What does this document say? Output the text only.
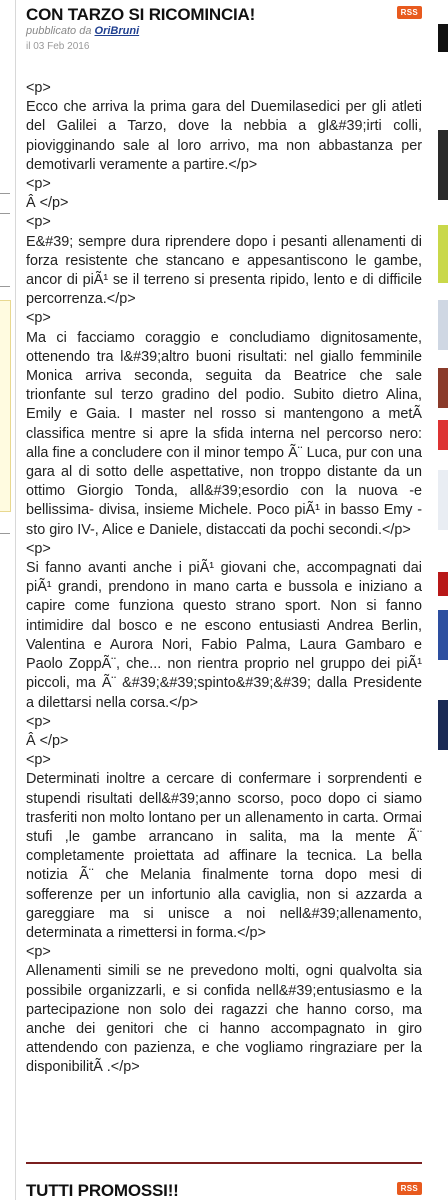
CON TARZO SI RICOMINCIA!	RSS
pubblicato da OriBruni
il 03 Feb 2016

<p>

Ecco che arriva la prima gara del Duemilasedici per gli atleti del Galilei a Tarzo, dove la nebbia a gl&#39;irti colli, piovigginando sale al loro arrivo, ma non abbastanza per demotivarli veramente a partire.</p>

<p>

Â </p>

<p>

E&#39; sempre dura riprendere dopo i pesanti allenamenti di forza resistente che stancano e appesantiscono le gambe, ancor di piÃ¹ se il terreno si presenta ripido, lento e di difficile percorrenza.</p>

<p>

Ma ci facciamo coraggio e concludiamo dignitosamente, ottenendo tra l&#39;altro buoni risultati: nel giallo femminile Monica arriva seconda, seguita da Beatrice che sale trionfante sul terzo gradino del podio. Subito dietro Alina, Emily e Gaia. I master nel rosso si mantengono a metÃ classifica mentre si apre la sfida interna nel percorso nero: alla fine a concludere con il minor tempo Ã¨ Luca, pur con una gara al di sotto delle aspettative, non troppo distante da un ottimo Giorgio Tonda, all&#39;esordio con la nuova -e bellissima- divisa, insieme Michele. Poco piÃ¹ in basso Emy -sto giro IV-, Alice e Daniele, distaccati da pochi secondi.</p>

<p>

Si fanno avanti anche i piÃ¹ giovani che, accompagnati dai piÃ¹ grandi, prendono in mano carta e bussola e iniziano a capire come funziona questo strano sport. Non si fanno intimidire dal bosco e ne escono entusiasti Andrea Berlin, Valentina e Aurora Nori, Fabio Palma, Laura Gambaro e Paolo ZoppÃ¨, che... non rientra proprio nel gruppo dei piÃ¹ piccoli, ma Ã¨ &#39;&#39;spinto&#39;&#39; dalla Presidente a dilettarsi nella corsa.</p>

<p>

Â </p>

<p>

Determinati inoltre a cercare di confermare i sorprendenti e stupendi risultati dell&#39;anno scorso, poco dopo ci siamo trasferiti non molto lontano per un allenamento in carta. Ormai stufi ,le gambe arrancano in salita, ma la mente Ã¨ completamente proiettata ad affinare la tecnica. La bella notizia Ã¨ che Melania finalmente torna dopo mesi di sofferenze per un infortunio alla caviglia, non si azzarda a gareggiare ma si unisce a noi nell&#39;allenamento, determinata a rimettersi in forma.</p>

<p>

Allenamenti simili se ne prevedono molti, ogni qualvolta sia possibile organizzarli, e si confida nell&#39;entusiasmo e la partecipazione non solo dei ragazzi che hanno corso, ma anche dei genitori che ci hanno accompagnato in giro attendendo con pazienza, e che vogliamo ringraziare per la disponibilitÃ .</p>

TUTTI PROMOSSI!!	RSS
